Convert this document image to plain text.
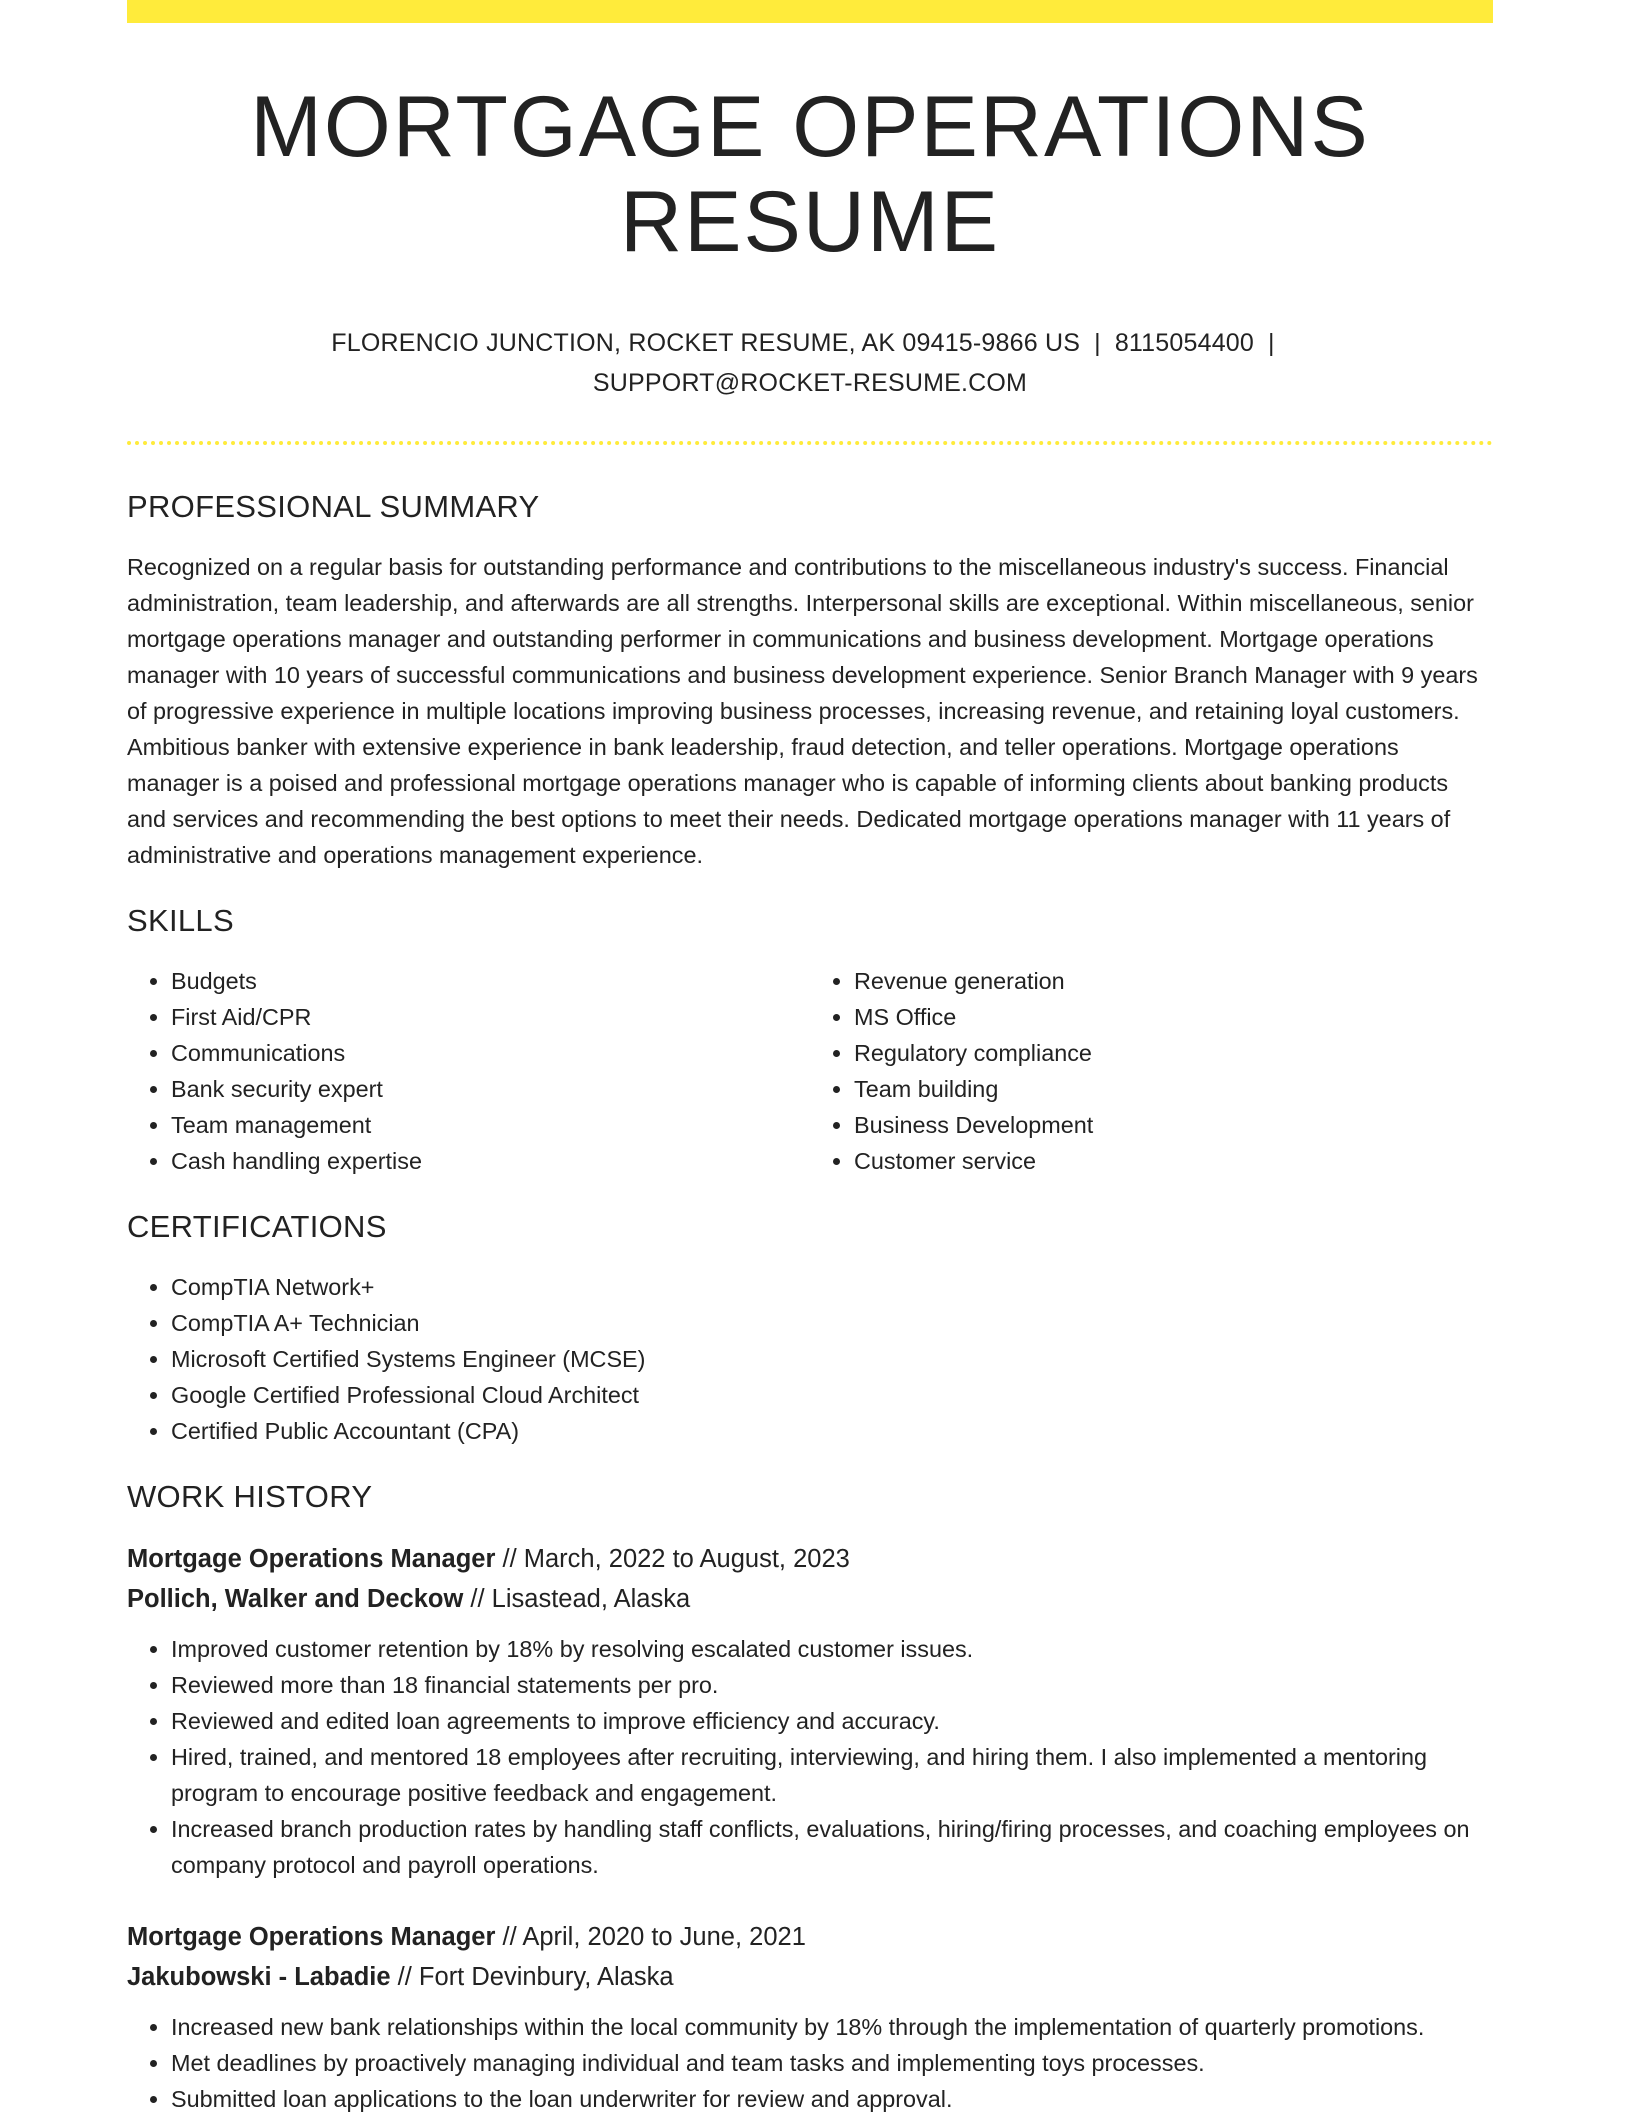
MORTGAGE OPERATIONS RESUME
FLORENCIO JUNCTION, ROCKET RESUME, AK 09415-9866 US | 8115054400 |
SUPPORT@ROCKET-RESUME.COM
PROFESSIONAL SUMMARY
Recognized on a regular basis for outstanding performance and contributions to the miscellaneous industry's success. Financial administration, team leadership, and afterwards are all strengths. Interpersonal skills are exceptional. Within miscellaneous, senior mortgage operations manager and outstanding performer in communications and business development. Mortgage operations manager with 10 years of successful communications and business development experience. Senior Branch Manager with 9 years of progressive experience in multiple locations improving business processes, increasing revenue, and retaining loyal customers. Ambitious banker with extensive experience in bank leadership, fraud detection, and teller operations. Mortgage operations manager is a poised and professional mortgage operations manager who is capable of informing clients about banking products and services and recommending the best options to meet their needs. Dedicated mortgage operations manager with 11 years of administrative and operations management experience.
SKILLS
• Budgets
• First Aid/CPR
• Communications
• Bank security expert
• Team management
• Cash handling expertise
• Revenue generation
• MS Office
• Regulatory compliance
• Team building
• Business Development
• Customer service
CERTIFICATIONS
• CompTIA Network+
• CompTIA A+ Technician
• Microsoft Certified Systems Engineer (MCSE)
• Google Certified Professional Cloud Architect
• Certified Public Accountant (CPA)
WORK HISTORY
Mortgage Operations Manager // March, 2022 to August, 2023
Pollich, Walker and Deckow // Lisastead, Alaska
• Improved customer retention by 18% by resolving escalated customer issues.
• Reviewed more than 18 financial statements per pro.
• Reviewed and edited loan agreements to improve efficiency and accuracy.
• Hired, trained, and mentored 18 employees after recruiting, interviewing, and hiring them. I also implemented a mentoring program to encourage positive feedback and engagement.
• Increased branch production rates by handling staff conflicts, evaluations, hiring/firing processes, and coaching employees on company protocol and payroll operations.
Mortgage Operations Manager // April, 2020 to June, 2021
Jakubowski - Labadie // Fort Devinbury, Alaska
• Increased new bank relationships within the local community by 18% through the implementation of quarterly promotions.
• Met deadlines by proactively managing individual and team tasks and implementing toys processes.
• Submitted loan applications to the loan underwriter for review and approval.
